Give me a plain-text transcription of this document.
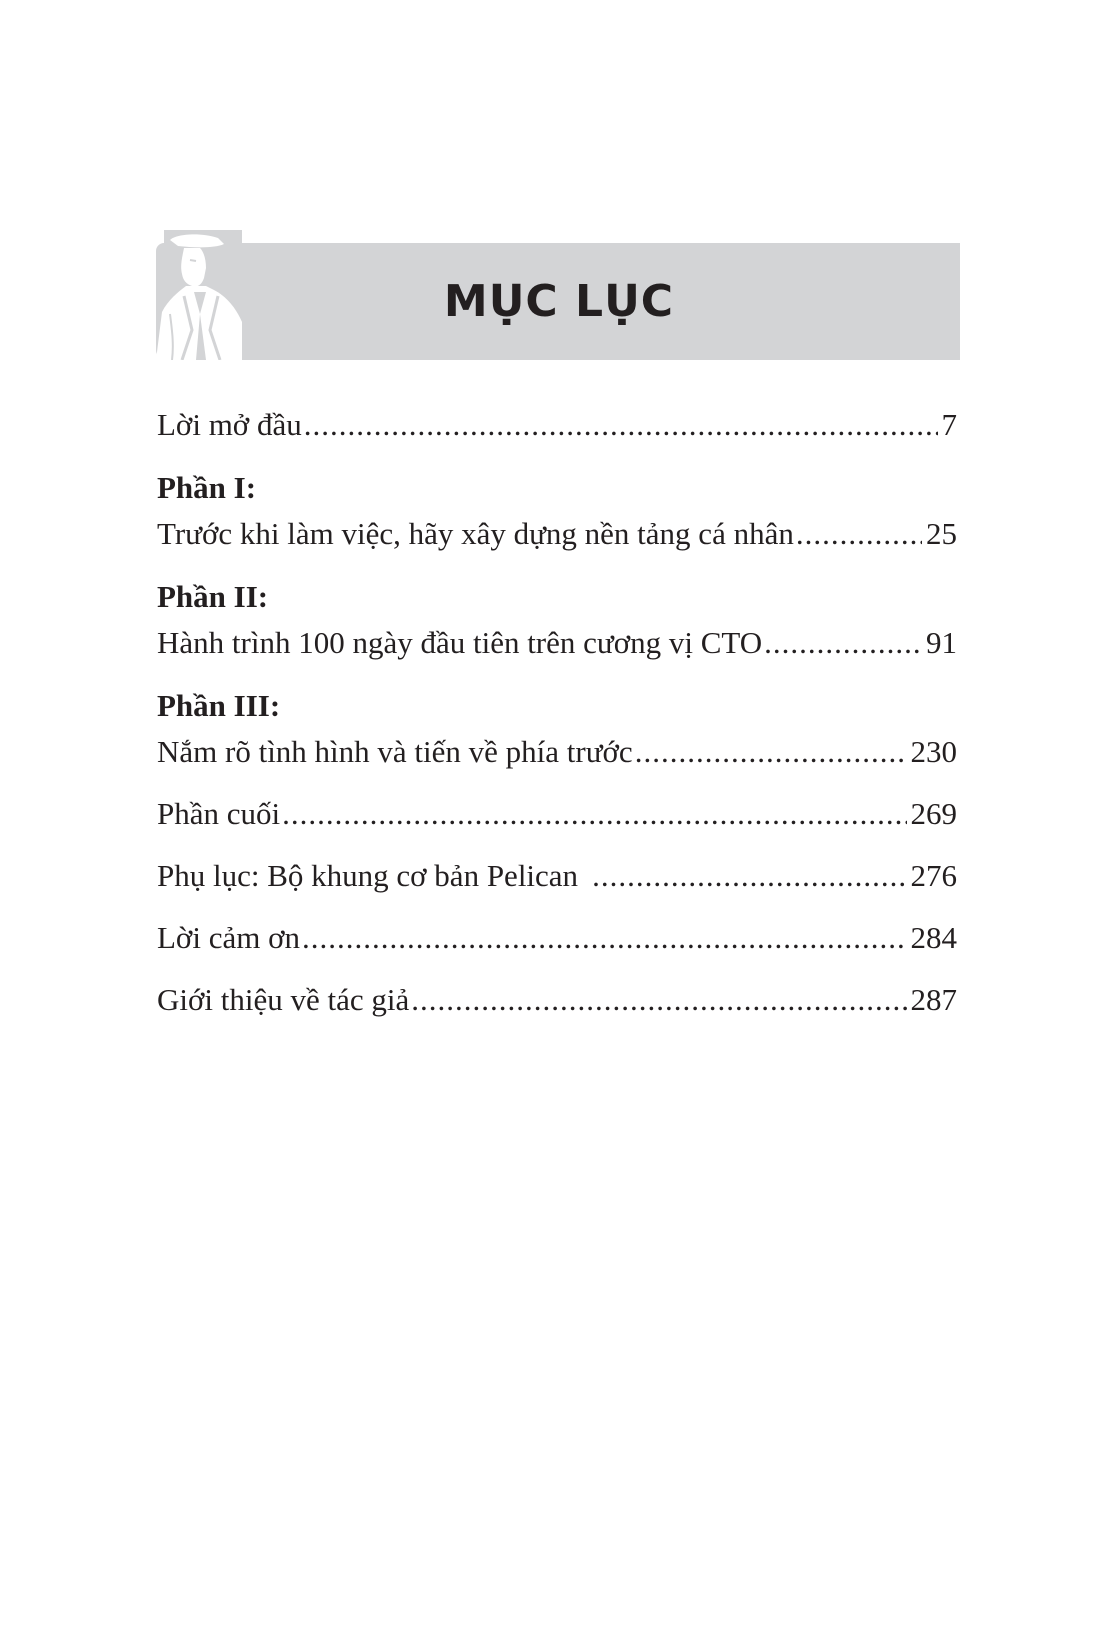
MỤC LỤC
Lời mở đầu .....	7
Phần I:
Trước khi làm việc, hãy xây dựng nền tảng cá nhân .....	25
Phần II:
Hành trình 100 ngày đầu tiên trên cương vị CTO .....	91
Phần III:
Nắm rõ tình hình và tiến về phía trước .....	230
Phần cuối .....	269
Phụ lục: Bộ khung cơ bản Pelican .....	276
Lời cảm ơn .....	284
Giới thiệu về tác giả .....	287
